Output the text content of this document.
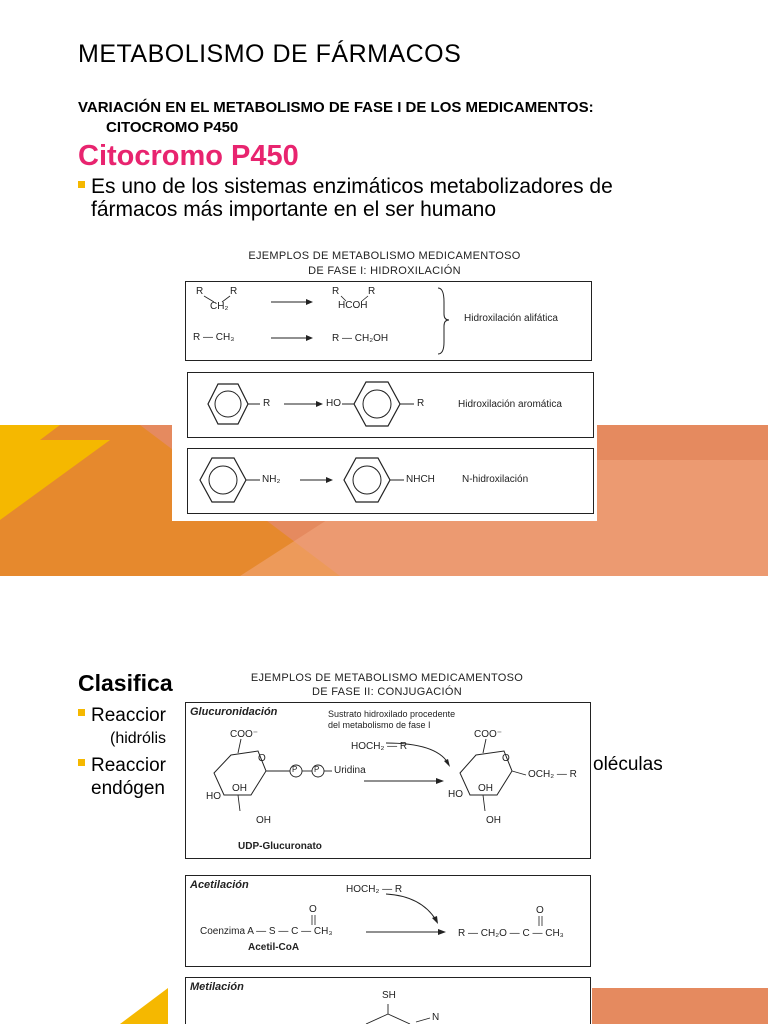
METABOLISMO DE FÁRMACOS
VARIACIÓN EN EL METABOLISMO DE FASE I DE LOS MEDICAMENTOS:
CITOCROMO P450
Citocromo P450
Es uno de los sistemas enzimáticos metabolizadores de
fármacos más importante en el ser humano
EJEMPLOS DE METABOLISMO MEDICAMENTOSO
DE FASE I: HIDROXILACIÓN
R	R
CH₂
R	R
HCOH
R — CH₃	R — CH₂OH
Hidroxilación alifática
R	HO	R	Hidroxilación aromática
NH₂	NHCH	N-hidroxilación
Clasifica
Reaccior
(hidrólis
Reaccior
endógen
oléculas
EJEMPLOS DE METABOLISMO MEDICAMENTOSO
DE FASE II: CONJUGACIÓN
Glucuronidación	Sustrato hidroxilado procedente
del metabolismo de fase I
COO⁻
O
P P Uridina
OH
HO
OH
HOCH₂ — R
COO⁻
O
OH
HO
OH
OCH₂ — R
UDP-Glucuronato
Acetilación	HOCH₂ — R
Coenzima A — S — C — CH₃	R — CH₂O — C — CH₃
Acetil-CoA
O	O
Metilación
SH
N
